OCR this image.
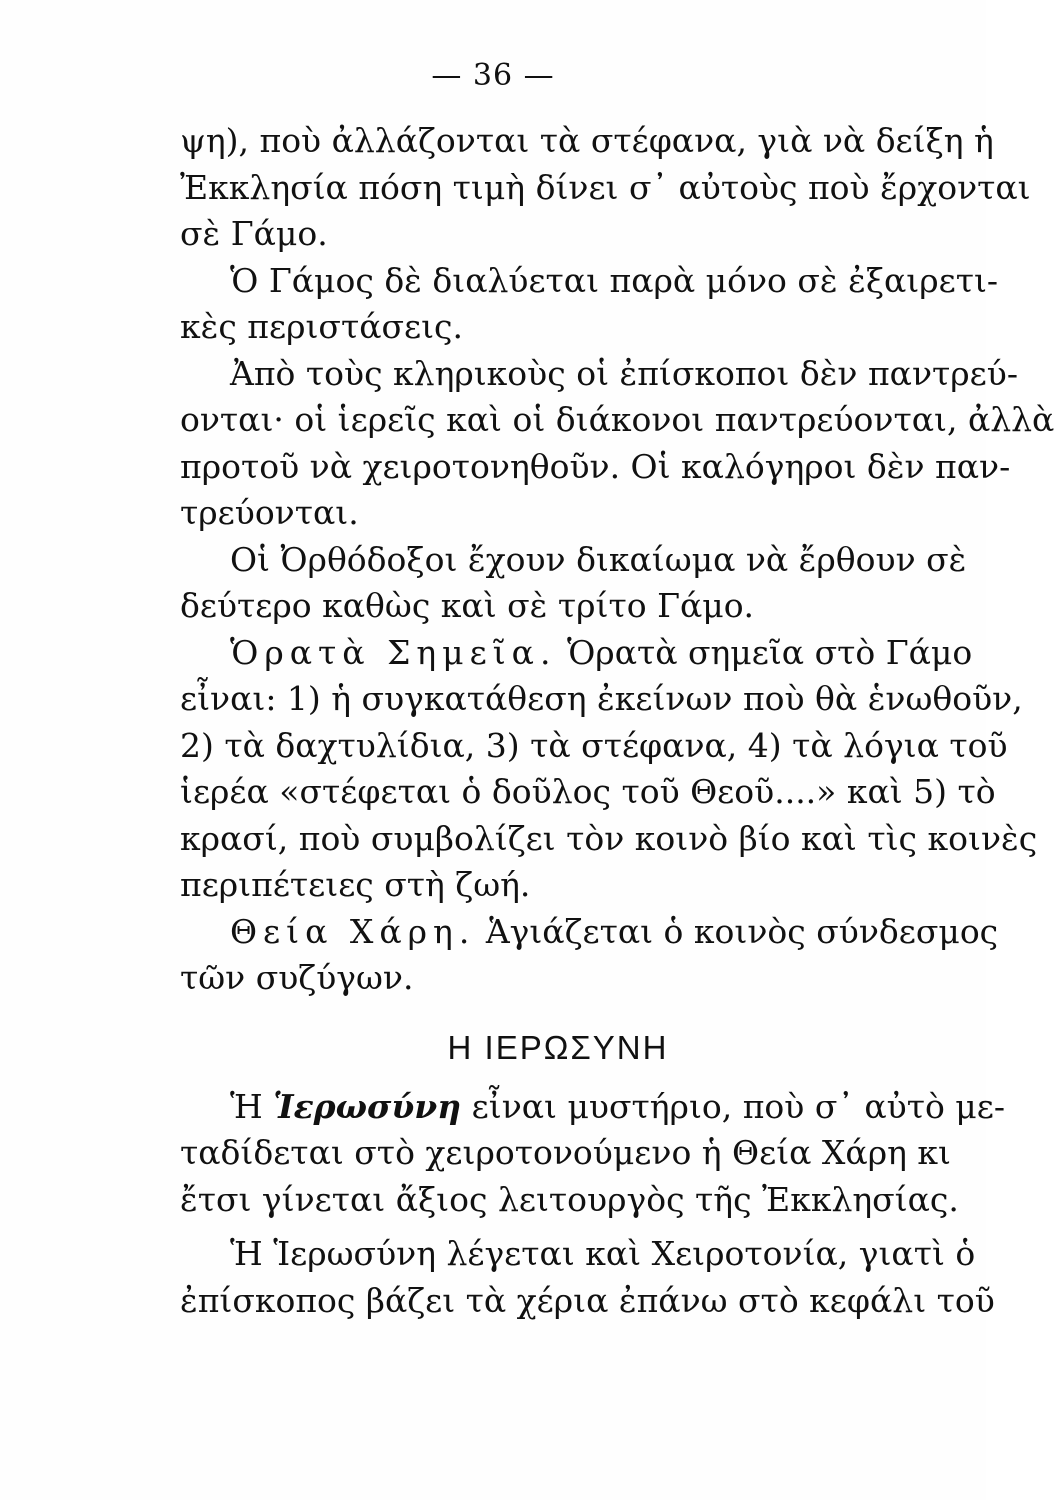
— 36 —
ψη), ποὺ ἀλλάζονται τὰ στέφανα, γιὰ νὰ δείξη ἡ
Ἐκκλησία πόση τιμὴ δίνει σ᾽ αὐτοὺς ποὺ ἔρχονται
σὲ Γάμο.
Ὁ Γάμος δὲ διαλύεται παρὰ μόνο σὲ ἐξαιρετι-
κὲς περιστάσεις.
Ἀπὸ τοὺς κληρικοὺς οἱ ἐπίσκοποι δὲν παντρεύ-
ονται· οἱ ἱερεῖς καὶ οἱ διάκονοι παντρεύονται, ἀλλὰ
προτοῦ νὰ χειροτονηθοῦν. Οἱ καλόγηροι δὲν παν-
τρεύονται.
Οἱ Ὀρθόδοξοι ἔχουν δικαίωμα νὰ ἔρθουν σὲ
δεύτερο καθὼς καὶ σὲ τρίτο Γάμο.
Ὁρατὰ Σημεῖα. Ὁρατὰ σημεῖα στὸ Γάμο
εἶναι: 1) ἡ συγκατάθεση ἐκείνων ποὺ θὰ ἑνωθοῦν,
2) τὰ δαχτυλίδια, 3) τὰ στέφανα, 4) τὰ λόγια τοῦ
ἱερέα «στέφεται ὁ δοῦλος τοῦ Θεοῦ....» καὶ 5) τὸ
κρασί, ποὺ συμβολίζει τὸν κοινὸ βίο καὶ τὶς κοινὲς
περιπέτειες στὴ ζωή.
Θεία Χάρη. Ἁγιάζεται ὁ κοινὸς σύνδεσμος
τῶν συζύγων.
Η ΙΕΡΩΣΥΝΗ
Ἡ Ἱερωσύνη εἶναι μυστήριο, ποὺ σ᾽ αὐτὸ με-
ταδίδεται στὸ χειροτονούμενο ἡ Θεία Χάρη κι
ἔτσι γίνεται ἄξιος λειτουργὸς τῆς Ἐκκλησίας.
Ἡ Ἱερωσύνη λέγεται καὶ Χειροτονία, γιατὶ ὁ
ἐπίσκοπος βάζει τὰ χέρια ἐπάνω στὸ κεφάλι τοῦ
